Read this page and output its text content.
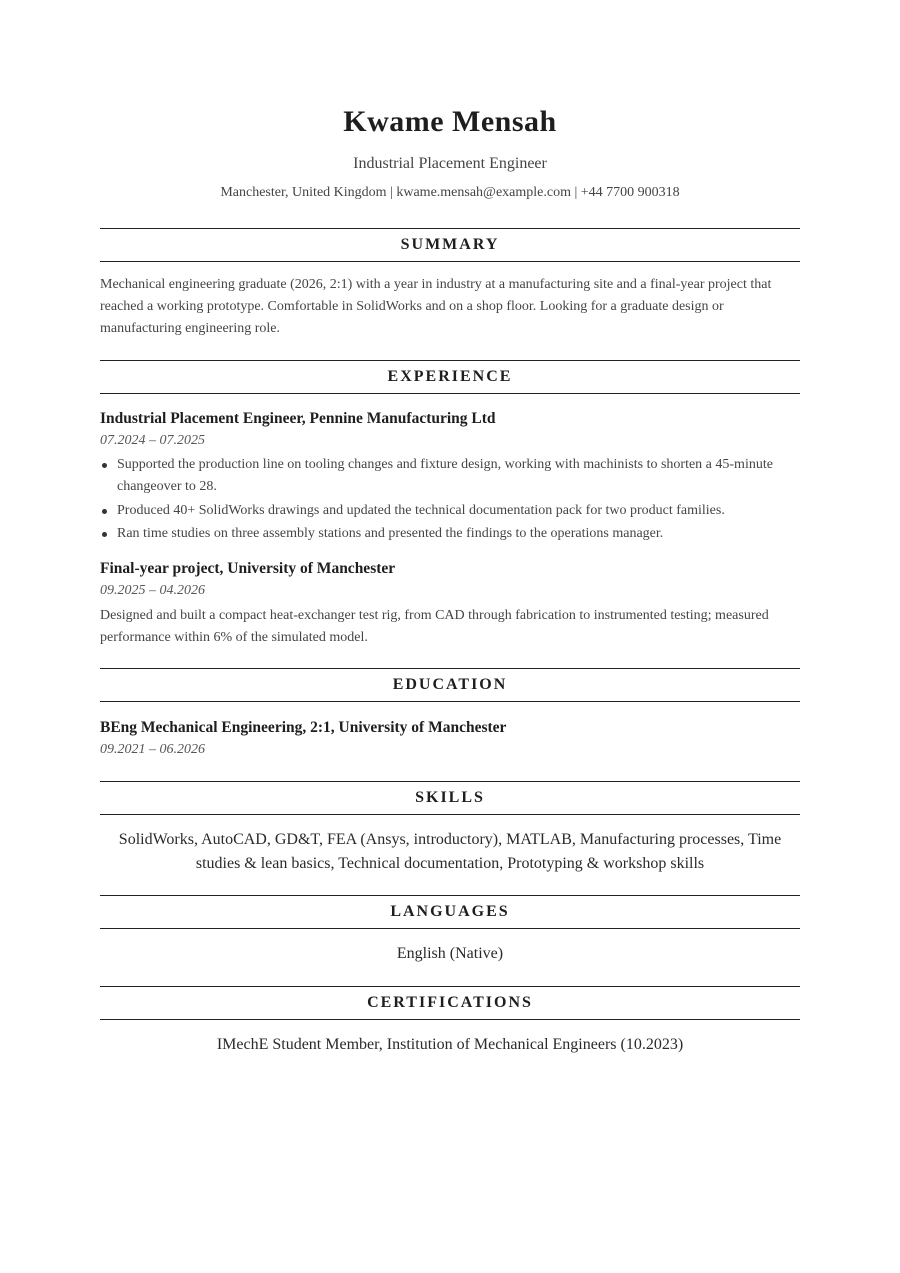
Kwame Mensah
Industrial Placement Engineer
Manchester, United Kingdom | kwame.mensah@example.com | +44 7700 900318
SUMMARY
Mechanical engineering graduate (2026, 2:1) with a year in industry at a manufacturing site and a final-year project that reached a working prototype. Comfortable in SolidWorks and on a shop floor. Looking for a graduate design or manufacturing engineering role.
EXPERIENCE
Industrial Placement Engineer, Pennine Manufacturing Ltd
07.2024 – 07.2025
Supported the production line on tooling changes and fixture design, working with machinists to shorten a 45-minute changeover to 28.
Produced 40+ SolidWorks drawings and updated the technical documentation pack for two product families.
Ran time studies on three assembly stations and presented the findings to the operations manager.
Final-year project, University of Manchester
09.2025 – 04.2026
Designed and built a compact heat-exchanger test rig, from CAD through fabrication to instrumented testing; measured performance within 6% of the simulated model.
EDUCATION
BEng Mechanical Engineering, 2:1, University of Manchester
09.2021 – 06.2026
SKILLS
SolidWorks, AutoCAD, GD&T, FEA (Ansys, introductory), MATLAB, Manufacturing processes, Time studies & lean basics, Technical documentation, Prototyping & workshop skills
LANGUAGES
English (Native)
CERTIFICATIONS
IMechE Student Member, Institution of Mechanical Engineers (10.2023)
